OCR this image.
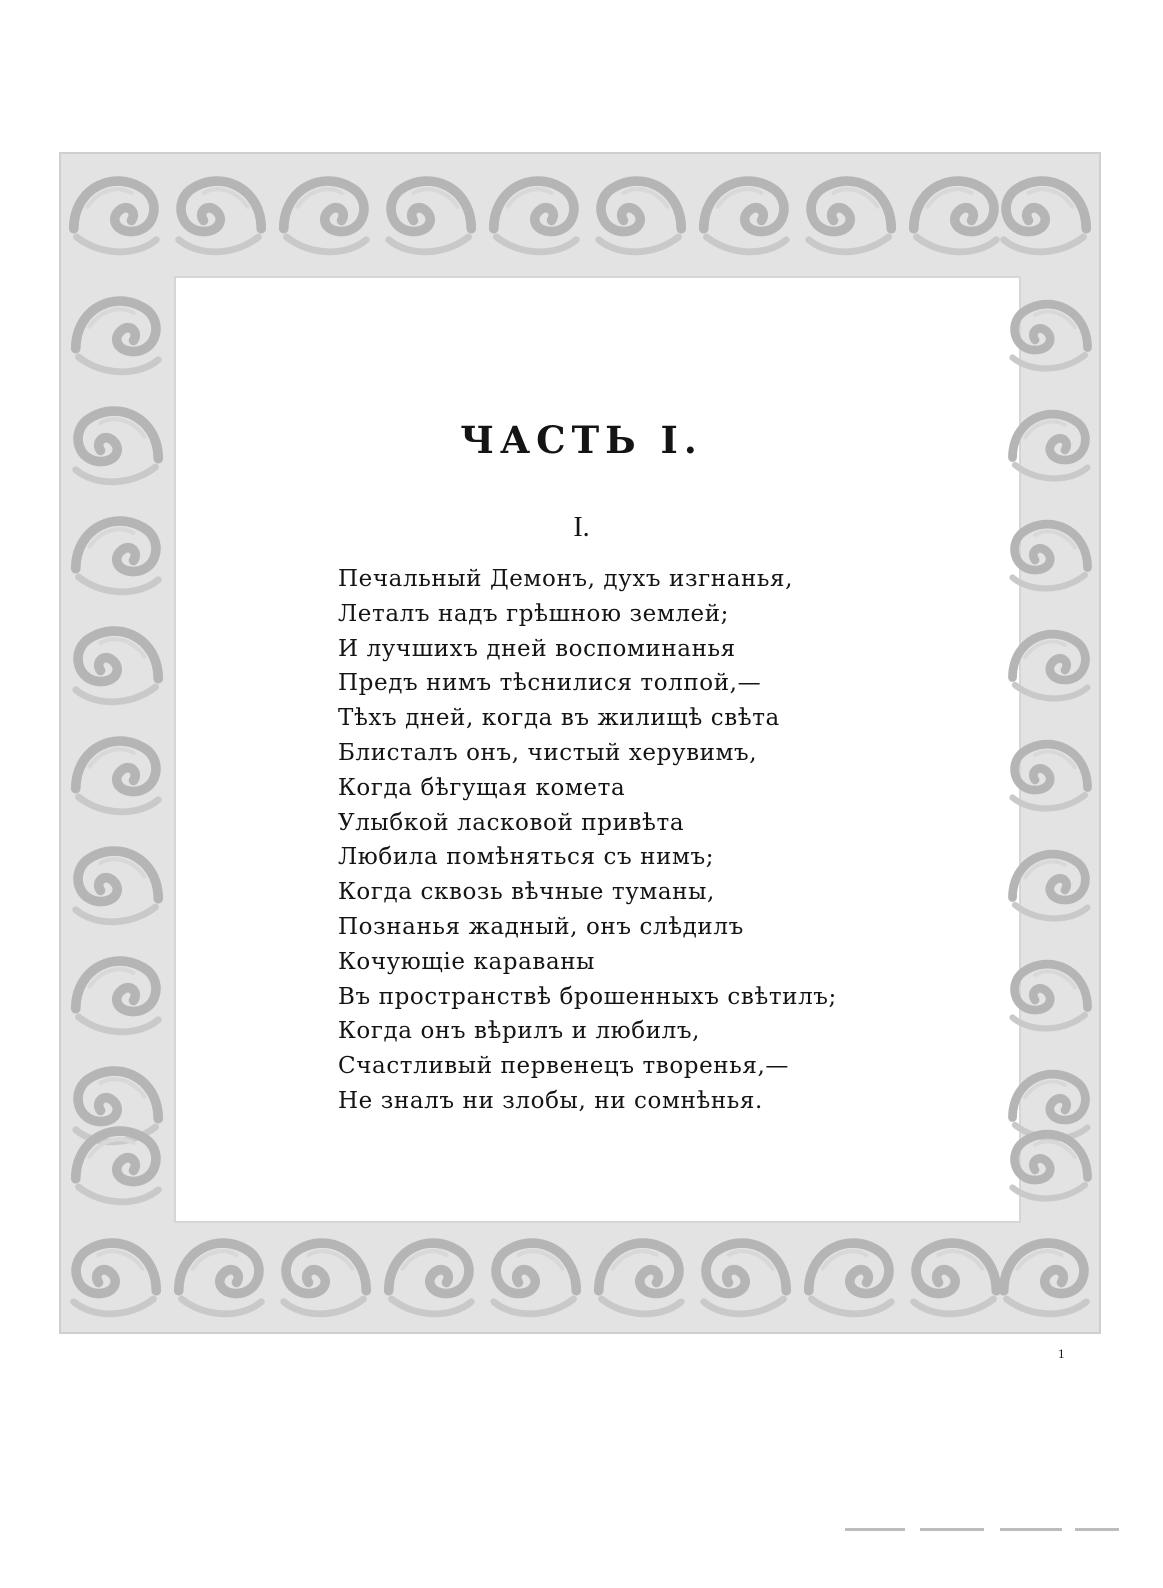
ЧАСТЬ I.
I.
Печальный Демонъ, духъ изгнанья,
Леталъ надъ грѣшною землей;
И лучшихъ дней воспоминанья
Предъ нимъ тѣснилися толпой,—
Тѣхъ дней, когда въ жилищѣ свѣта
Блисталъ онъ, чистый херувимъ,
Когда бѣгущая комета
Улыбкой ласковой привѣта
Любила помѣняться съ нимъ;
Когда сквозь вѣчные туманы,
Познанья жадный, онъ слѣдилъ
Кочующiе караваны
Въ пространствѣ брошенныхъ свѣтилъ;
Когда онъ вѣрилъ и любилъ,
Счастливый первенецъ творенья,—
Не зналъ ни злобы, ни сомнѣнья.
1
